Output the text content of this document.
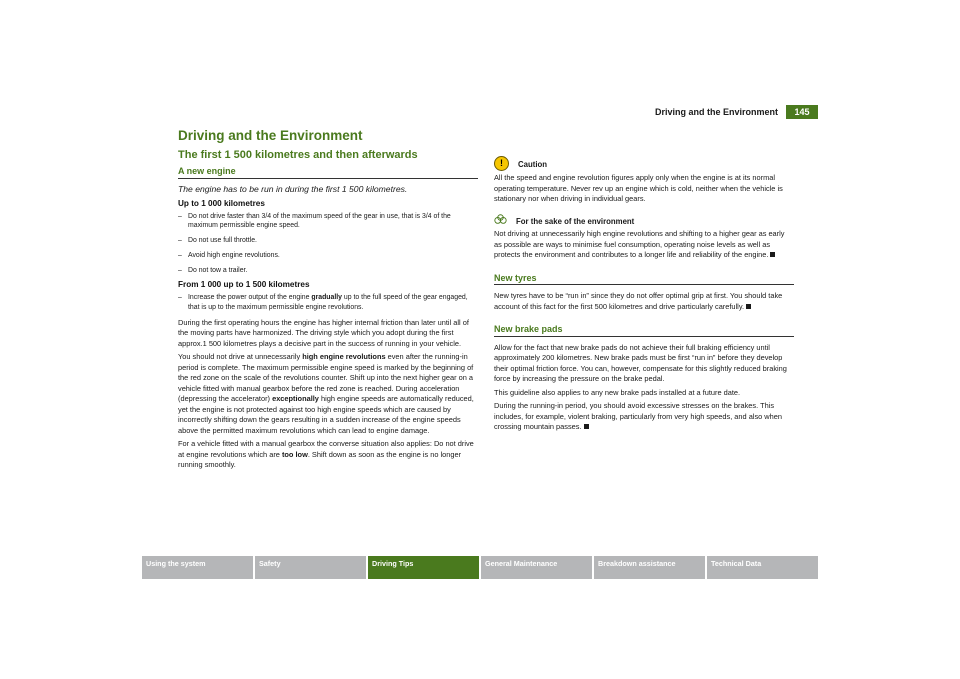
Driving and the Environment	145
Driving and the Environment
The first 1 500 kilometres and then afterwards
A new engine
The engine has to be run in during the first 1 500 kilometres.
Up to 1 000 kilometres
– Do not drive faster than 3/4 of the maximum speed of the gear in use, that is 3/4 of the maximum permissible engine speed.
– Do not use full throttle.
– Avoid high engine revolutions.
– Do not tow a trailer.
From 1 000 up to 1 500 kilometres
– Increase the power output of the engine gradually up to the full speed of the gear engaged, that is up to the maximum permissible engine revolutions.

During the first operating hours the engine has higher internal friction than later until all of the moving parts have harmonized. The driving style which you adopt during the first approx.1 500 kilometres plays a decisive part in the success of running in your vehicle.

You should not drive at unnecessarily high engine revolutions even after the running-in period is complete. The maximum permissible engine speed is marked by the beginning of the red zone on the scale of the revolutions counter. Shift up into the next higher gear on a vehicle fitted with manual gearbox before the red zone is reached. During acceleration (depressing the accelerator) exceptionally high engine speeds are automatically reduced, yet the engine is not protected against too high engine speeds which are caused by incorrectly shifting down the gears resulting in a sudden increase of the engine speeds above the permitted maximum revolutions which can lead to engine damage.

For a vehicle fitted with a manual gearbox the converse situation also applies: Do not drive at engine revolutions which are too low. Shift down as soon as the engine is no longer running smoothly.

!	Caution

All the speed and engine revolution figures apply only when the engine is at its normal operating temperature. Never rev up an engine which is cold, neither when the vehicle is stationary nor when driving in individual gears.

For the sake of the environment

Not driving at unnecessarily high engine revolutions and shifting to a higher gear as early as possible are ways to minimise fuel consumption, operating noise levels as well as protects the environment and contributes to a longer life and reliability of the engine.

New tyres

New tyres have to be “run in” since they do not offer optimal grip at first. You should take account of this fact for the first 500 kilometres and drive particularly carefully.

New brake pads

Allow for the fact that new brake pads do not achieve their full braking efficiency until approximately 200 kilometres. New brake pads must be first “run in” before they develop their optimal friction force. You can, however, compensate for this slightly reduced braking force by increasing the pressure on the brake pedal.

This guideline also applies to any new brake pads installed at a future date.

During the running-in period, you should avoid excessive stresses on the brakes. This includes, for example, violent braking, particularly from very high speeds, and also when crossing mountain passes.

Using the system	Safety	Driving Tips	General Maintenance	Breakdown assistance	Technical Data
